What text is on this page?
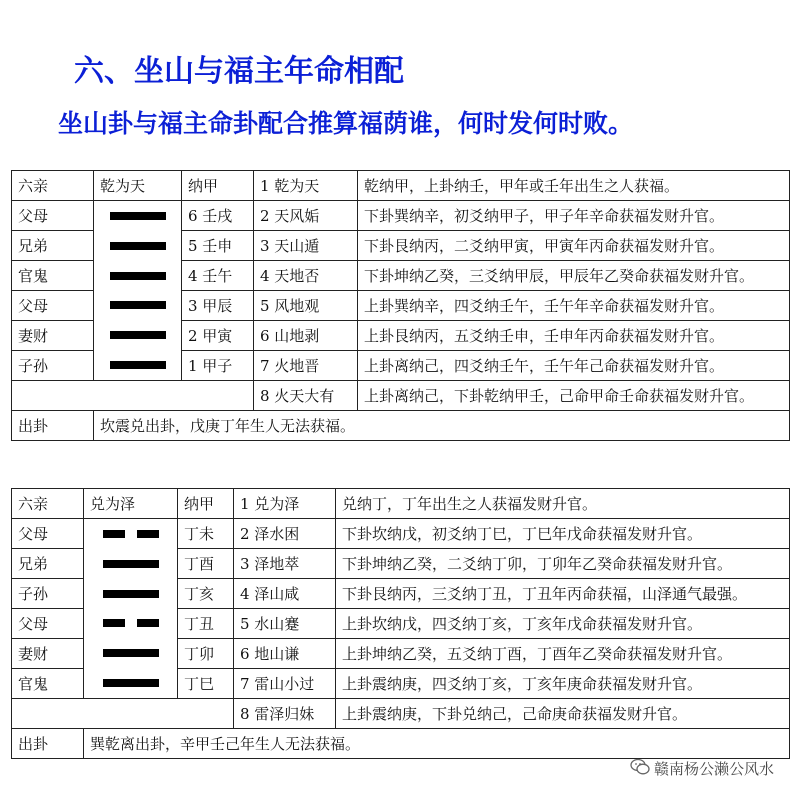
六、坐山与福主年命相配
坐山卦与福主命卦配合推算福荫谁，何时发何时败。
六亲	乾为天	纳甲	1 乾为天	乾纳甲，上卦纳壬，甲年或壬年出生之人获福。
父母		6 壬戌	2 天风姤	下卦巽纳辛，初爻纳甲子，甲子年辛命获福发财升官。
兄弟		5 壬申	3 天山遁	下卦艮纳丙，二爻纳甲寅，甲寅年丙命获福发财升官。
官鬼		4 壬午	4 天地否	下卦坤纳乙癸，三爻纳甲辰，甲辰年乙癸命获福发财升官。
父母		3 甲辰	5 风地观	上卦巽纳辛，四爻纳壬午，壬午年辛命获福发财升官。
妻财		2 甲寅	6 山地剥	上卦艮纳丙，五爻纳壬申，壬申年丙命获福发财升官。
子孙		1 甲子	7 火地晋	上卦离纳己，四爻纳壬午，壬午年己命获福发财升官。
			8 火天大有	上卦离纳己，下卦乾纳甲壬，己命甲命壬命获福发财升官。
出卦	坎震兑出卦，戊庚丁年生人无法获福。			
六亲	兑为泽	纳甲	1 兑为泽	兑纳丁，丁年出生之人获福发财升官。
父母		丁未	2 泽水困	下卦坎纳戊，初爻纳丁巳，丁巳年戊命获福发财升官。
兄弟		丁酉	3 泽地萃	下卦坤纳乙癸，二爻纳丁卯，丁卯年乙癸命获福发财升官。
子孙		丁亥	4 泽山咸	下卦艮纳丙，三爻纳丁丑，丁丑年丙命获福，山泽通气最强。
父母		丁丑	5 水山蹇	上卦坎纳戊，四爻纳丁亥，丁亥年戊命获福发财升官。
妻财		丁卯	6 地山谦	上卦坤纳乙癸，五爻纳丁酉，丁酉年乙癸命获福发财升官。
官鬼		丁巳	7 雷山小过	上卦震纳庚，四爻纳丁亥，丁亥年庚命获福发财升官。
			8 雷泽归妹	上卦震纳庚，下卦兑纳己，己命庚命获福发财升官。
出卦	巽乾离出卦，辛甲壬己年生人无法获福。			
赣南杨公濑公风水
